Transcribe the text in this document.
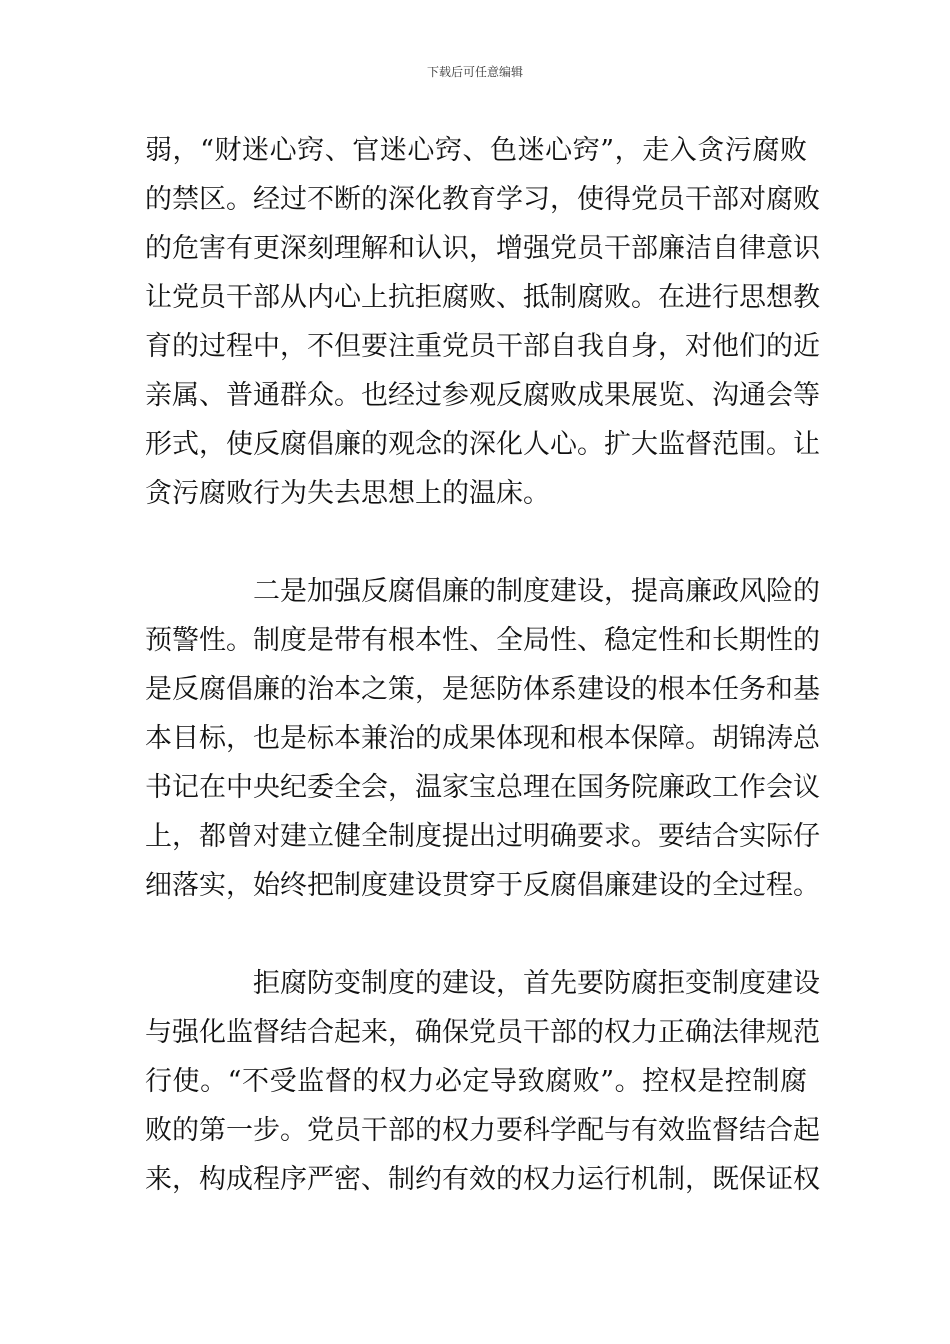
下载后可任意编辑
弱，“财迷心窍、官迷心窍、色迷心窍”，走入贪污腐败
的禁区。经过不断的深化教育学习，使得党员干部对腐败
的危害有更深刻理解和认识，增强党员干部廉洁自律意识
让党员干部从内心上抗拒腐败、抵制腐败。在进行思想教
育的过程中，不但要注重党员干部自我自身，对他们的近
亲属、普通群众。也经过参观反腐败成果展览、沟通会等
形式，使反腐倡廉的观念的深化人心。扩大监督范围。让
贪污腐败行为失去思想上的温床。
二是加强反腐倡廉的制度建设，提高廉政风险的
预警性。制度是带有根本性、全局性、稳定性和长期性的
是反腐倡廉的治本之策，是惩防体系建设的根本任务和基
本目标，也是标本兼治的成果体现和根本保障。胡锦涛总
书记在中央纪委全会，温家宝总理在国务院廉政工作会议
上，都曾对建立健全制度提出过明确要求。要结合实际仔
细落实，始终把制度建设贯穿于反腐倡廉建设的全过程。
拒腐防变制度的建设，首先要防腐拒变制度建设
与强化监督结合起来，确保党员干部的权力正确法律规范
行使。“不受监督的权力必定导致腐败”。控权是控制腐
败的第一步。党员干部的权力要科学配与有效监督结合起
来，构成程序严密、制约有效的权力运行机制，既保证权
